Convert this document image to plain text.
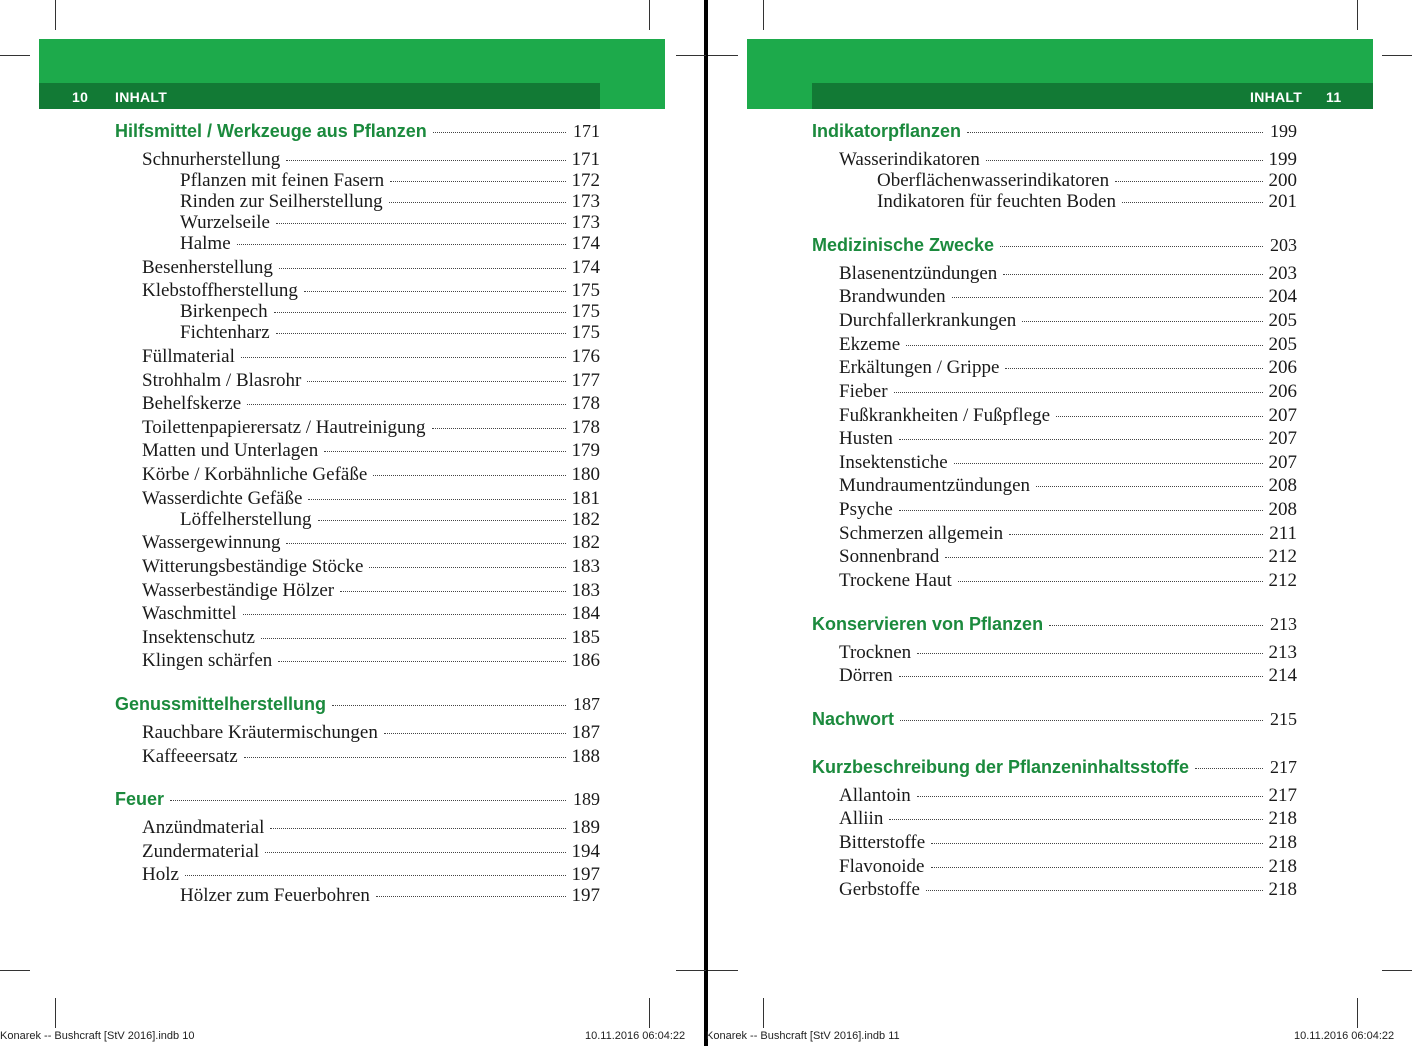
10 INHALT
Hilfsmittel / Werkzeuge aus Pflanzen	171
Schnurherstellung	171
Pflanzen mit feinen Fasern	172
Rinden zur Seilherstellung	173
Wurzelseile	173
Halme	174
Besenherstellung	174
Klebstoffherstellung	175
Birkenpech	175
Fichtenharz	175
Füllmaterial	176
Strohhalm / Blasrohr	177
Behelfskerze	178
Toilettenpapierersatz / Hautreinigung	178
Matten und Unterlagen	179
Körbe / Korbähnliche Gefäße	180
Wasserdichte Gefäße	181
Löffelherstellung	182
Wassergewinnung	182
Witterungsbeständige Stöcke	183
Wasserbeständige Hölzer	183
Waschmittel	184
Insektenschutz	185
Klingen schärfen	186
Genussmittelherstellung	187
Rauchbare Kräutermischungen	187
Kaffeeersatz	188
Feuer	189
Anzündmaterial	189
Zundermaterial	194
Holz	197
Hölzer zum Feuerbohren	197
Konarek -- Bushcraft [StV 2016].indb 10	10.11.2016 06:04:22
INHALT 11
Indikatorpflanzen	199
Wasserindikatoren	199
Oberflächenwasserindikatoren	200
Indikatoren für feuchten Boden	201
Medizinische Zwecke	203
Blasenentzündungen	203
Brandwunden	204
Durchfallerkrankungen	205
Ekzeme	205
Erkältungen / Grippe	206
Fieber	206
Fußkrankheiten / Fußpflege	207
Husten	207
Insektenstiche	207
Mundraumentzündungen	208
Psyche	208
Schmerzen allgemein	211
Sonnenbrand	212
Trockene Haut	212
Konservieren von Pflanzen	213
Trocknen	213
Dörren	214
Nachwort	215
Kurzbeschreibung der Pflanzeninhaltsstoffe	217
Allantoin	217
Alliin	218
Bitterstoffe	218
Flavonoide	218
Gerbstoffe	218
Konarek -- Bushcraft [StV 2016].indb 11	10.11.2016 06:04:22
